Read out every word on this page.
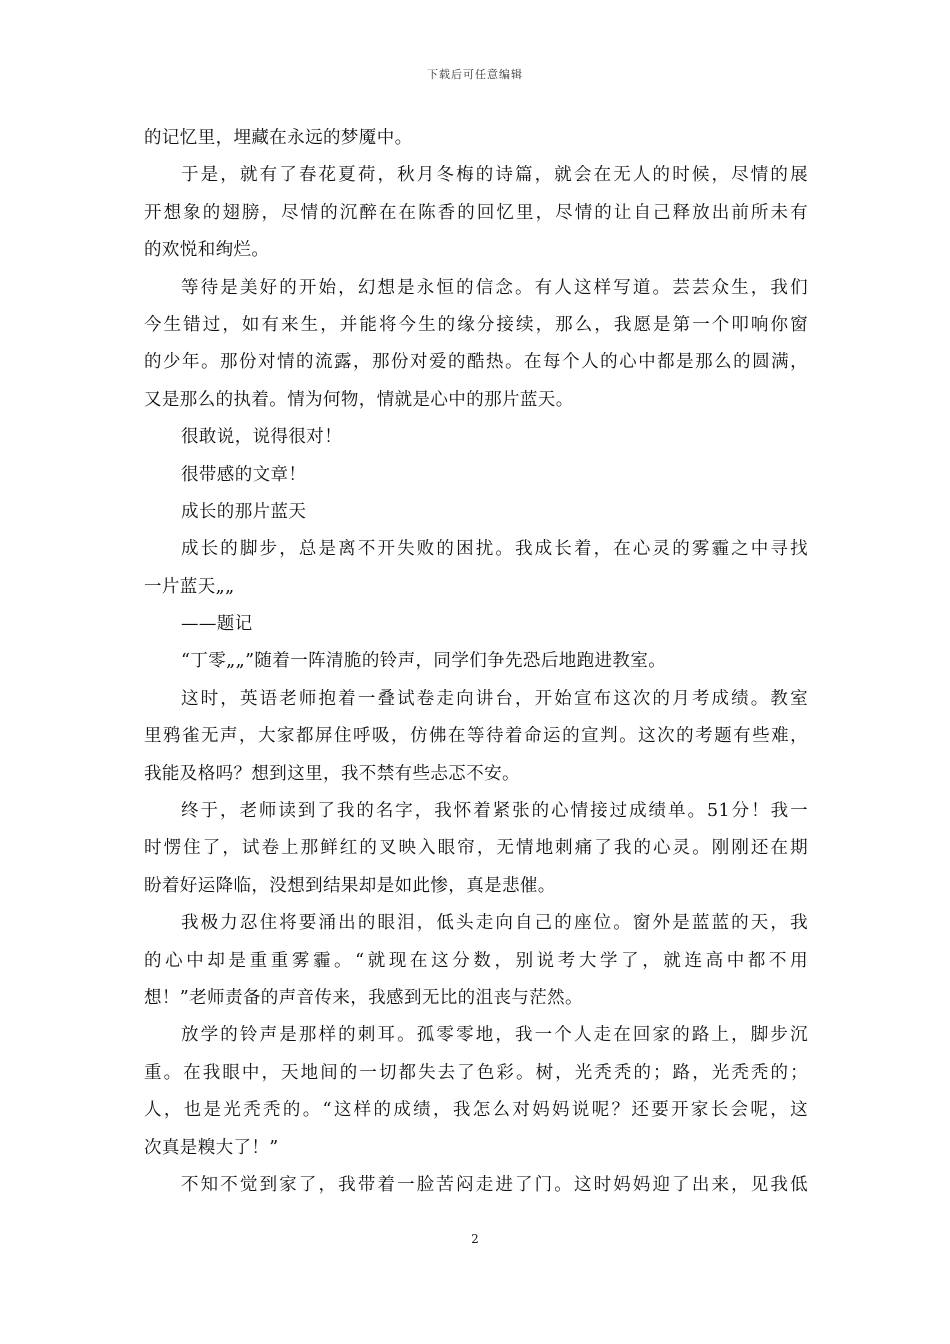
下载后可任意编辑
的记忆里，埋藏在永远的梦魇中。
于是，就有了春花夏荷，秋月冬梅的诗篇，就会在无人的时候，尽情的展
开想象的翅膀，尽情的沉醉在在陈香的回忆里，尽情的让自己释放出前所未有
的欢悦和绚烂。
等待是美好的开始，幻想是永恒的信念。有人这样写道。芸芸众生，我们
今生错过，如有来生，并能将今生的缘分接续，那么，我愿是第一个叩响你窗
的少年。那份对情的流露，那份对爱的酷热。在每个人的心中都是那么的圆满，
又是那么的执着。情为何物，情就是心中的那片蓝天。
很敢说，说得很对！
很带感的文章！
成长的那片蓝天
成长的脚步，总是离不开失败的困扰。我成长着，在心灵的雾霾之中寻找
一片蓝天„„
——题记
“丁零„„”随着一阵清脆的铃声，同学们争先恐后地跑进教室。
这时，英语老师抱着一叠试卷走向讲台，开始宣布这次的月考成绩。教室
里鸦雀无声，大家都屏住呼吸，仿佛在等待着命运的宣判。这次的考题有些难，
我能及格吗？想到这里，我不禁有些忐忑不安。
终于，老师读到了我的名字，我怀着紧张的心情接过成绩单。51分！我一
时愣住了，试卷上那鲜红的叉映入眼帘，无情地刺痛了我的心灵。刚刚还在期
盼着好运降临，没想到结果却是如此惨，真是悲催。
我极力忍住将要涌出的眼泪，低头走向自己的座位。窗外是蓝蓝的天，我
的心中却是重重雾霾。“就现在这分数，别说考大学了，就连高中都不用
想！”老师责备的声音传来，我感到无比的沮丧与茫然。
放学的铃声是那样的刺耳。孤零零地，我一个人走在回家的路上，脚步沉
重。在我眼中，天地间的一切都失去了色彩。树，光秃秃的；路，光秃秃的；
人，也是光秃秃的。“这样的成绩，我怎么对妈妈说呢？还要开家长会呢，这
次真是糗大了！”
不知不觉到家了，我带着一脸苦闷走进了门。这时妈妈迎了出来，见我低
2
